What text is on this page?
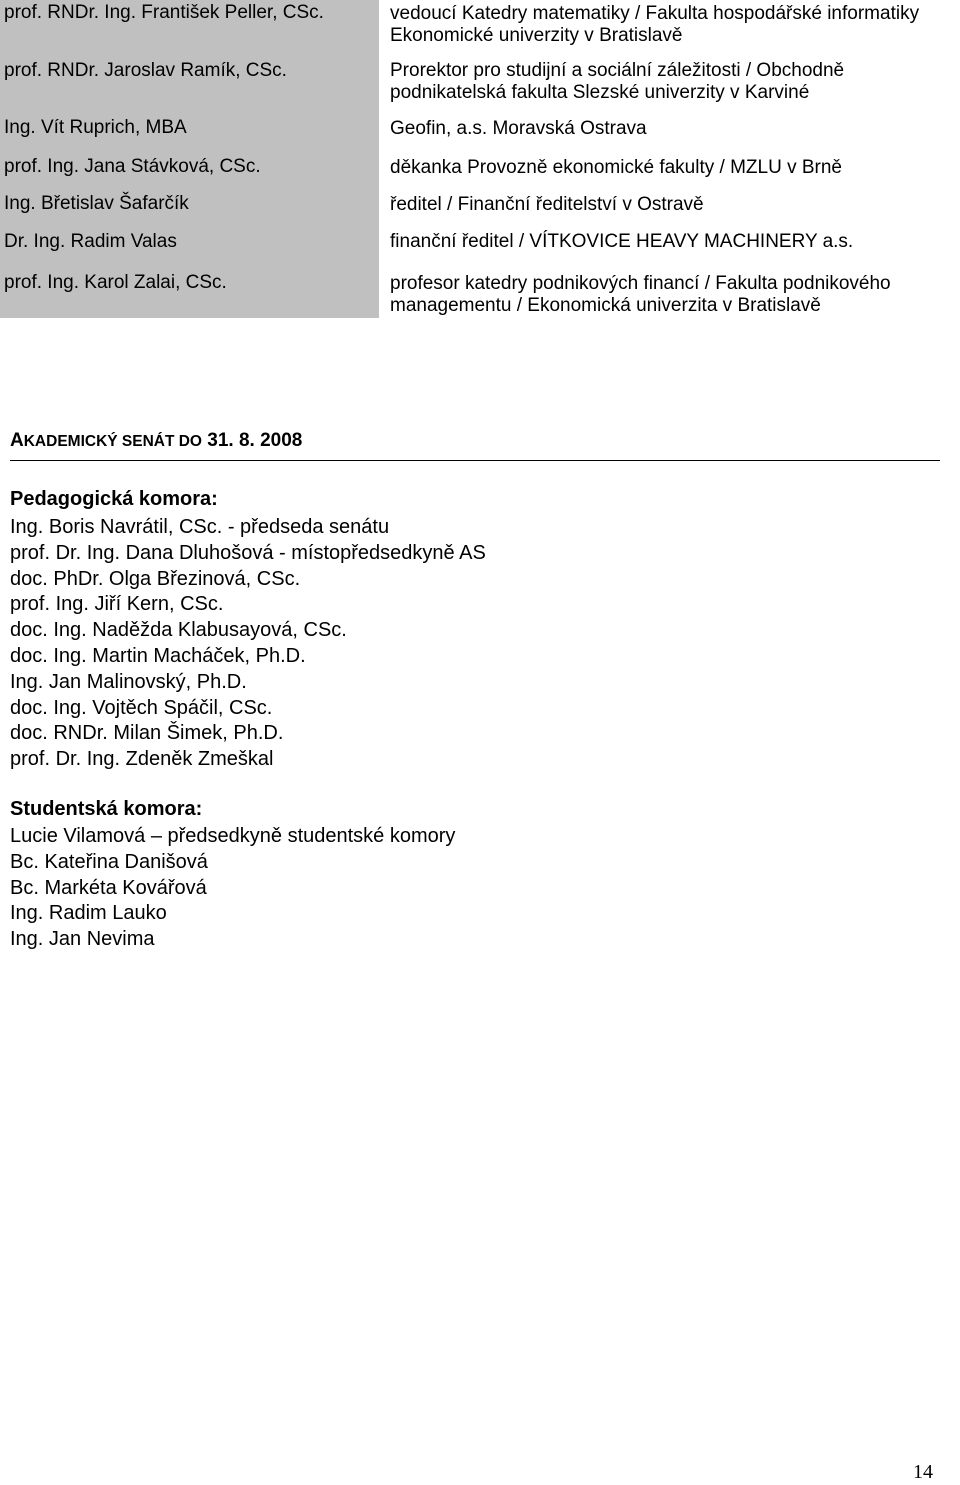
prof. RNDr. Ing. František Peller, CSc.	vedoucí Katedry matematiky / Fakulta hospodářské informatiky
Ekonomické univerzity v Bratislavě
prof. RNDr. Jaroslav Ramík, CSc.	Prorektor pro studijní a sociální záležitosti / Obchodně
podnikatelská fakulta Slezské univerzity v Karviné
Ing. Vít Ruprich, MBA	Geofin, a.s. Moravská Ostrava
prof. Ing. Jana Stávková, CSc.	děkanka Provozně ekonomické fakulty / MZLU v Brně
Ing. Břetislav Šafarčík	ředitel / Finanční ředitelství v Ostravě
Dr. Ing. Radim Valas	finanční ředitel / VÍTKOVICE HEAVY MACHINERY a.s.
prof. Ing. Karol Zalai, CSc.	profesor katedry podnikových financí / Fakulta podnikového
managementu / Ekonomická univerzita v Bratislavě
AKADEMICKÝ SENÁT DO 31. 8. 2008
Pedagogická komora:
Ing. Boris Navrátil, CSc. - předseda senátu
prof. Dr. Ing. Dana Dluhošová - místopředsedkyně AS
doc. PhDr. Olga Březinová, CSc.
prof. Ing. Jiří Kern, CSc.
doc. Ing. Naděžda Klabusayová, CSc.
doc. Ing. Martin Macháček, Ph.D.
Ing. Jan Malinovský, Ph.D.
doc. Ing. Vojtěch Spáčil, CSc.
doc. RNDr. Milan Šimek, Ph.D.
prof. Dr. Ing. Zdeněk Zmeškal
Studentská komora:
Lucie Vilamová – předsedkyně studentské komory
Bc. Kateřina Danišová
Bc. Markéta Kovářová
Ing. Radim Lauko
Ing. Jan Nevima
14
